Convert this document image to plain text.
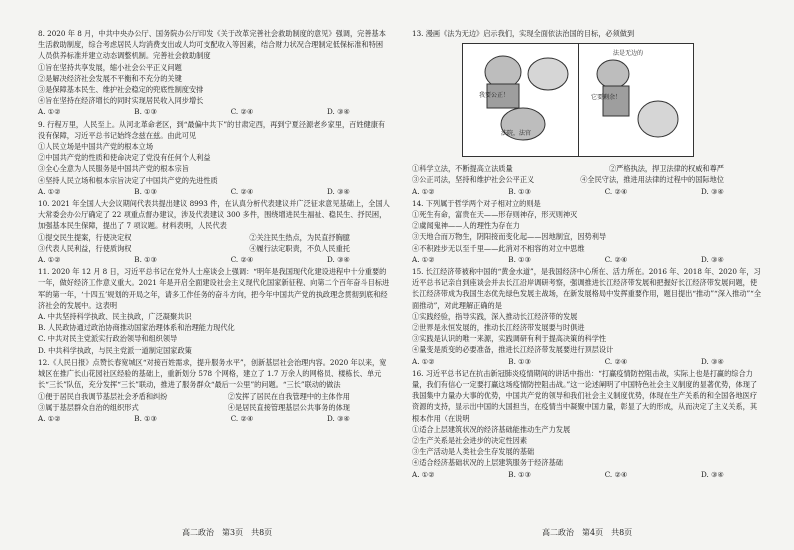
8. 2020 年 8 月，中共中央办公厅、国务院办公厅印发《关于改革完善社会救助制度的意见》强调，完善基本生活救助制度，综合考虑居民人均消费支出或人均可支配收入等因素，结合财力状况合理制定低保标准和特困人员供养标准并建立动态调整机制。完善社会救助制度
①旨在坚持共享发展，缩小社会公平正义问题
②是解决经济社会发展不平衡和不充分的关键
③是保障基本民生、维护社会稳定的兜底性制度安排
④旨在坚持在经济增长的同时实现居民收入同步增长
A. ①②	B. ①③	C. ②④	D. ③④
9. 行程万里，人民至上。从河北革命老区，到“最偏中共下”的甘肃定西，再到宁夏泾源老乡家里，百姓健康有没有保障，习近平总书记始终念兹在兹。由此可见
①人民立场是中国共产党的根本立场
②中国共产党的性质和使命决定了党没有任何个人利益
③全心全意为人民服务是中国共产党的根本宗旨
④坚持人民立场和根本宗旨决定了中国共产党的先进性质
A. ①②	B. ①③	C. ②④	D. ③④
10. 2021 年全国人大会议期间代表共提出建议 8993 件，在认真分析代表建议并广泛征求意见基础上，全国人大常委会办公厅确定了 22 项重点督办建议，涉及代表建议 300 多件，围绕增进民生福祉、稳民生、抒民困，加强基本民生保障，提出了 7 项议题。材料表明，人民代表
①提交民生提案，行使决定权	②关注民生热点，为民直抒胸臆
③代表人民利益，行使质询权	④履行法定职责，不负人民重托
A. ①②	B. ①③	C. ②④	D. ③④
11. 2020 年 12 月 8 日，习近平总书记在党外人士座谈会上强调：“明年是我国现代化建设进程中十分重要的一年，做好经济工作意义重大。2021 年是开启全面建设社会主义现代化国家新征程、向第二个百年奋斗目标进军的第一年，‘十四五’规划的开局之年，请多工作任务的奋斗方向，把今年中国共产党的执政理念贯彻到底和经济社会的发展中。这表明
A. 中共坚持科学执政、民主执政，广泛凝聚共识
B. 人民政协通过政治协商推动国家治理体系和治理能力现代化
C. 中共对民主党派实行政治领导和组织领导
D. 中共科学执政，与民主党派一道制定国家政策
12.《人民日报》点赞长春宽城区“对接百姓需求，提升服务水平”，创新基层社会治理内容。2020 年以来，宽城区在推广长山花园社区经验的基础上，重新划分 578 个网格，建立了 1.7 万余人的网格员、楼栋长、单元长“三长”队伍，充分发挥“三长”联动，推进了服务群众“最后一公里”的问题。“三长”联动的做法
①便于居民自我调节基层社会矛盾和纠纷	②发挥了居民在自我管理中的主体作用
③属于基层群众自治的组织形式	④是居民直接管理基层公共事务的体现
A. ①②	B. ①③	C. ②④	D. ③④
13. 漫画《法为无边》启示我们，实现全面依法治国的目标，必须做到
法是无边的
我要公正！	它要剩余！
法院，法官
①科学立法，不断提高立法质量	②严格执法，捍卫法律的权威和尊严
③公正司法，坚持和维护社会公平正义	④全民守法，推进用法律的过程中的国际地位
A. ①②	B. ①③	C. ②④	D. ③④
14. 下列属于哲学两个对子相对立的则是
①死生有命，富贵在天——形存则神存，形灭则神灭
②虞闻鬼神——人的理性为存在力
③天地合而万物生，阴阳接而变化起——因地制宜，因势利导
④不积跬步无以至千里——此消对不相容的对立中思维
A. ①②	B. ①③	C. ②④	D. ③④
15. 长江经济带被称中国的“黄金水道”，是我国经济中心所在、活力所在。2016 年、2018 年、2020 年，习近平总书记亲自到座谈会并去长江沿岸调研考察，强调推进长江经济带发展和把握好长江经济带发展问题，使长江经济带成为我国生态优先绿色发展主战场，在新发展格局中发挥重要作用，题目提出“推动”“深入推动”“全面推动”，对此理解正确的是
①实践经验，指导实践，深入推动长江经济带的发展
②世界是永恒发展的，推动长江经济带发展要与时俱进
③实践是认识的唯一来源，实践调研有利于提高决策的科学性
④量变是质变的必要准备，推进长江经济带发展要进行顶层设计
A. ①②	B. ①③	C. ②④	D. ③④
16. 习近平总书记在抗击新冠肺炎疫情期间的讲话中指出：“打赢疫情防控阻击战，实际上也是打赢的综合力量，我们有信心一定要打赢这场疫情防控阻击战。”这一论述阐明了中国特色社会主义制度的显著优势，体现了我国集中力量办大事的优势，中国共产党的领导和我们社会主义制度优势，体现在生产关系的和全国各地医疗资源的支持，显示出中国的大国担当，在疫情当中凝聚中国力量，彰显了大的形成，从而决定了主义关系，其根本作用（在说明
①适合上层建筑状况的经济基础能推动生产力发展
②生产关系是社会进步的决定性因素
③生产活动是人类社会生存发展的基础
④适合经济基础状况的上层建筑服务于经济基础
A. ①②	B. ①③	C. ②④	D. ③④
高二政治　第3页　共8页	高二政治　第4页　共8页
